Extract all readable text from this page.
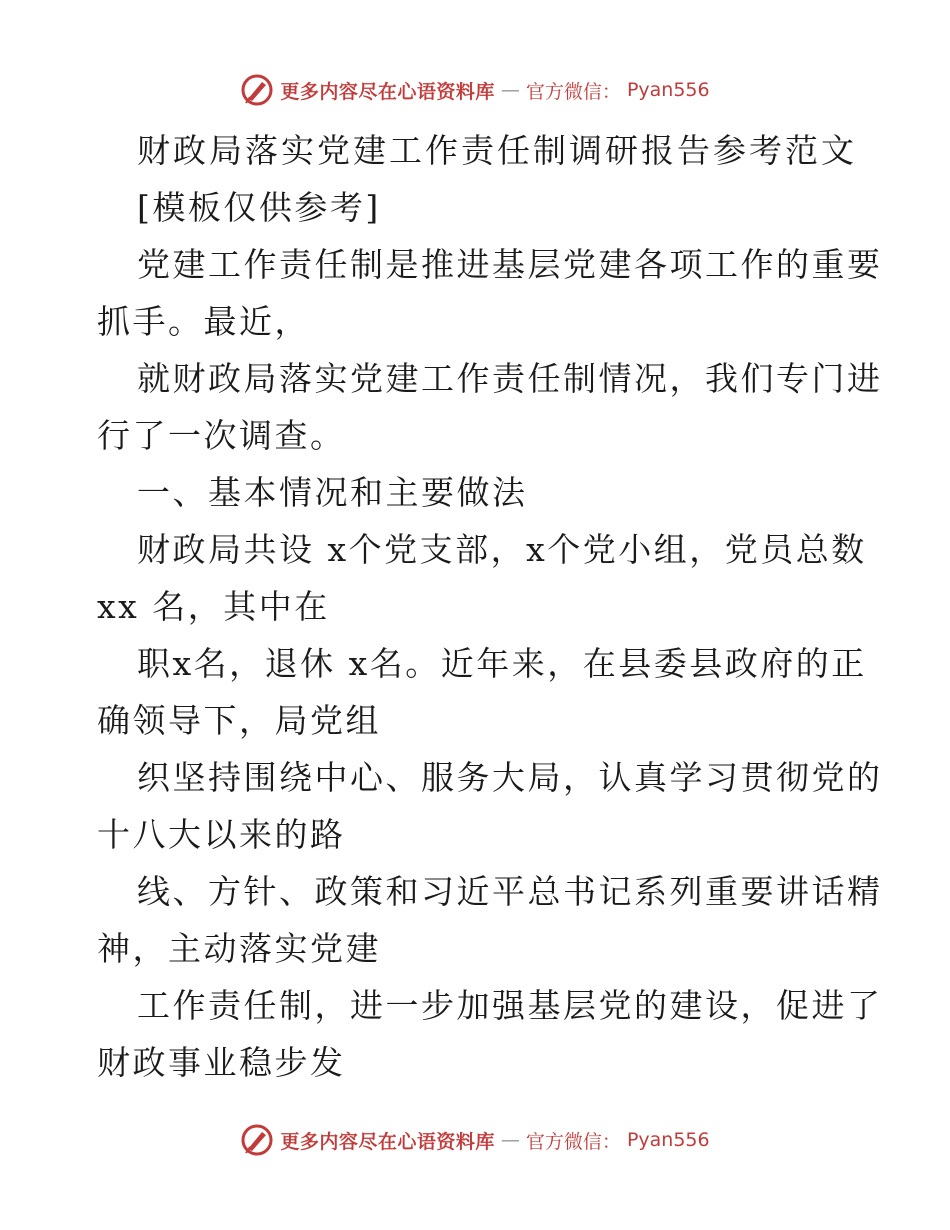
更多内容尽在心语资料库 — 官方微信： Pyan556
财政局落实党建工作责任制调研报告参考范文
[模板仅供参考]
党建工作责任制是推进基层党建各项工作的重要
抓手。最近，
就财政局落实党建工作责任制情况，我们专门进
行了一次调查。
一、基本情况和主要做法
财政局共设 x个党支部，x个党小组，党员总数
xx 名，其中在
职x名，退休 x名。近年来，在县委县政府的正
确领导下，局党组
织坚持围绕中心、服务大局，认真学习贯彻党的
十八大以来的路
线、方针、政策和习近平总书记系列重要讲话精
神，主动落实党建
工作责任制，进一步加强基层党的建设，促进了
财政事业稳步发
更多内容尽在心语资料库 — 官方微信： Pyan556
